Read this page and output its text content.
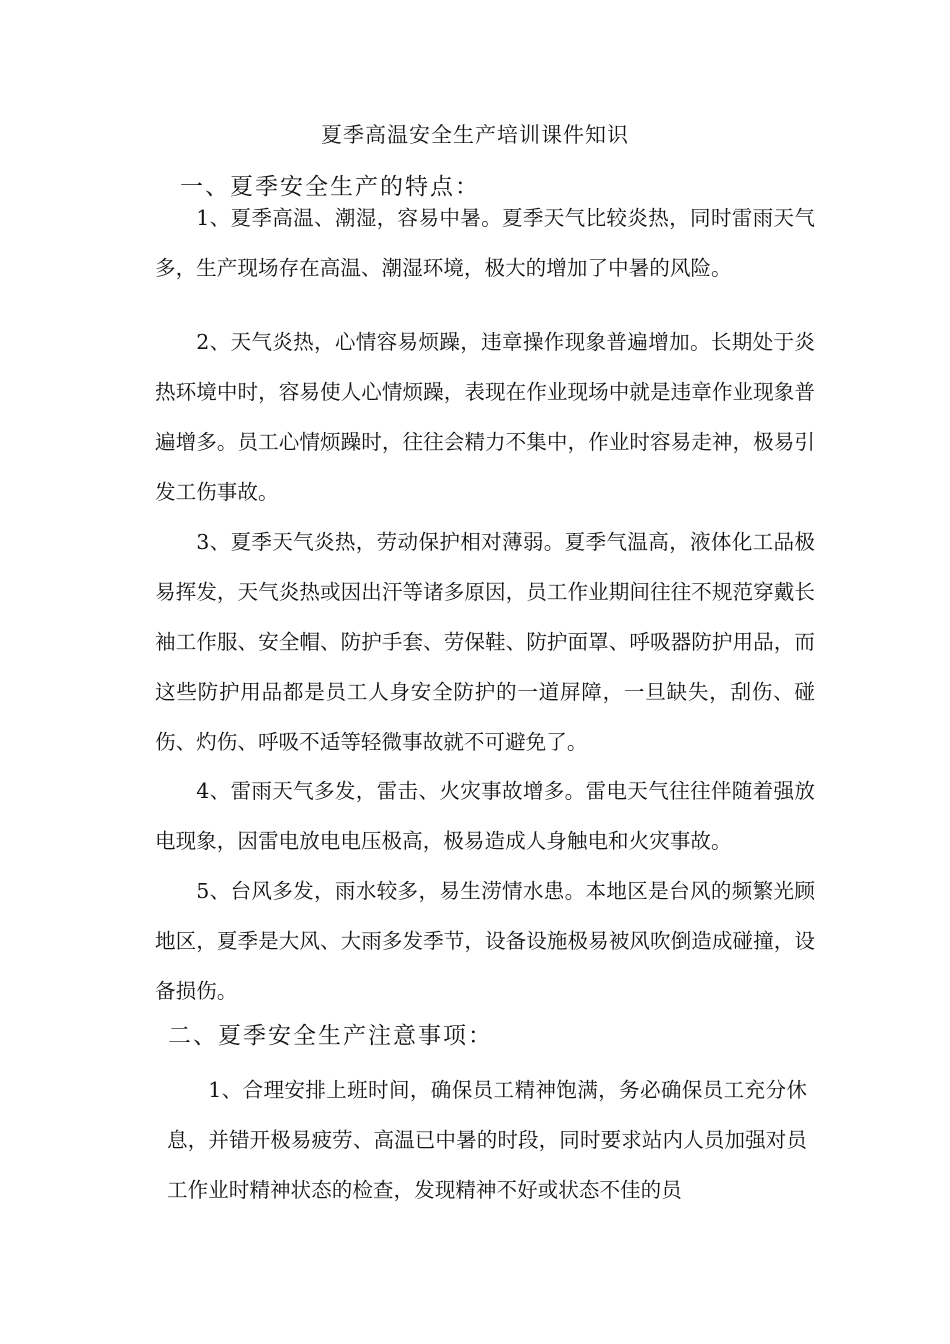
夏季高温安全生产培训课件知识
一、夏季安全生产的特点：

1、夏季高温、潮湿，容易中暑。夏季天气比较炎热，同时雷雨天气多，生产现场存在高温、潮湿环境，极大的增加了中暑的风险。

2、天气炎热，心情容易烦躁，违章操作现象普遍增加。长期处于炎热环境中时，容易使人心情烦躁，表现在作业现场中就是违章作业现象普遍增多。员工心情烦躁时，往往会精力不集中，作业时容易走神，极易引发工伤事故。

3、夏季天气炎热，劳动保护相对薄弱。夏季气温高，液体化工品极易挥发，天气炎热或因出汗等诸多原因，员工作业期间往往不规范穿戴长袖工作服、安全帽、防护手套、劳保鞋、防护面罩、呼吸器防护用品，而这些防护用品都是员工人身安全防护的一道屏障，一旦缺失，刮伤、碰伤、灼伤、呼吸不适等轻微事故就不可避免了。

4、雷雨天气多发，雷击、火灾事故增多。雷电天气往往伴随着强放电现象，因雷电放电电压极高，极易造成人身触电和火灾事故。

5、台风多发，雨水较多，易生涝情水患。本地区是台风的频繁光顾地区，夏季是大风、大雨多发季节，设备设施极易被风吹倒造成碰撞，设备损伤。

二、夏季安全生产注意事项：

1、合理安排上班时间，确保员工精神饱满，务必确保员工充分休息，并错开极易疲劳、高温已中暑的时段，同时要求站内人员加强对员工作业时精神状态的检查，发现精神不好或状态不佳的员
